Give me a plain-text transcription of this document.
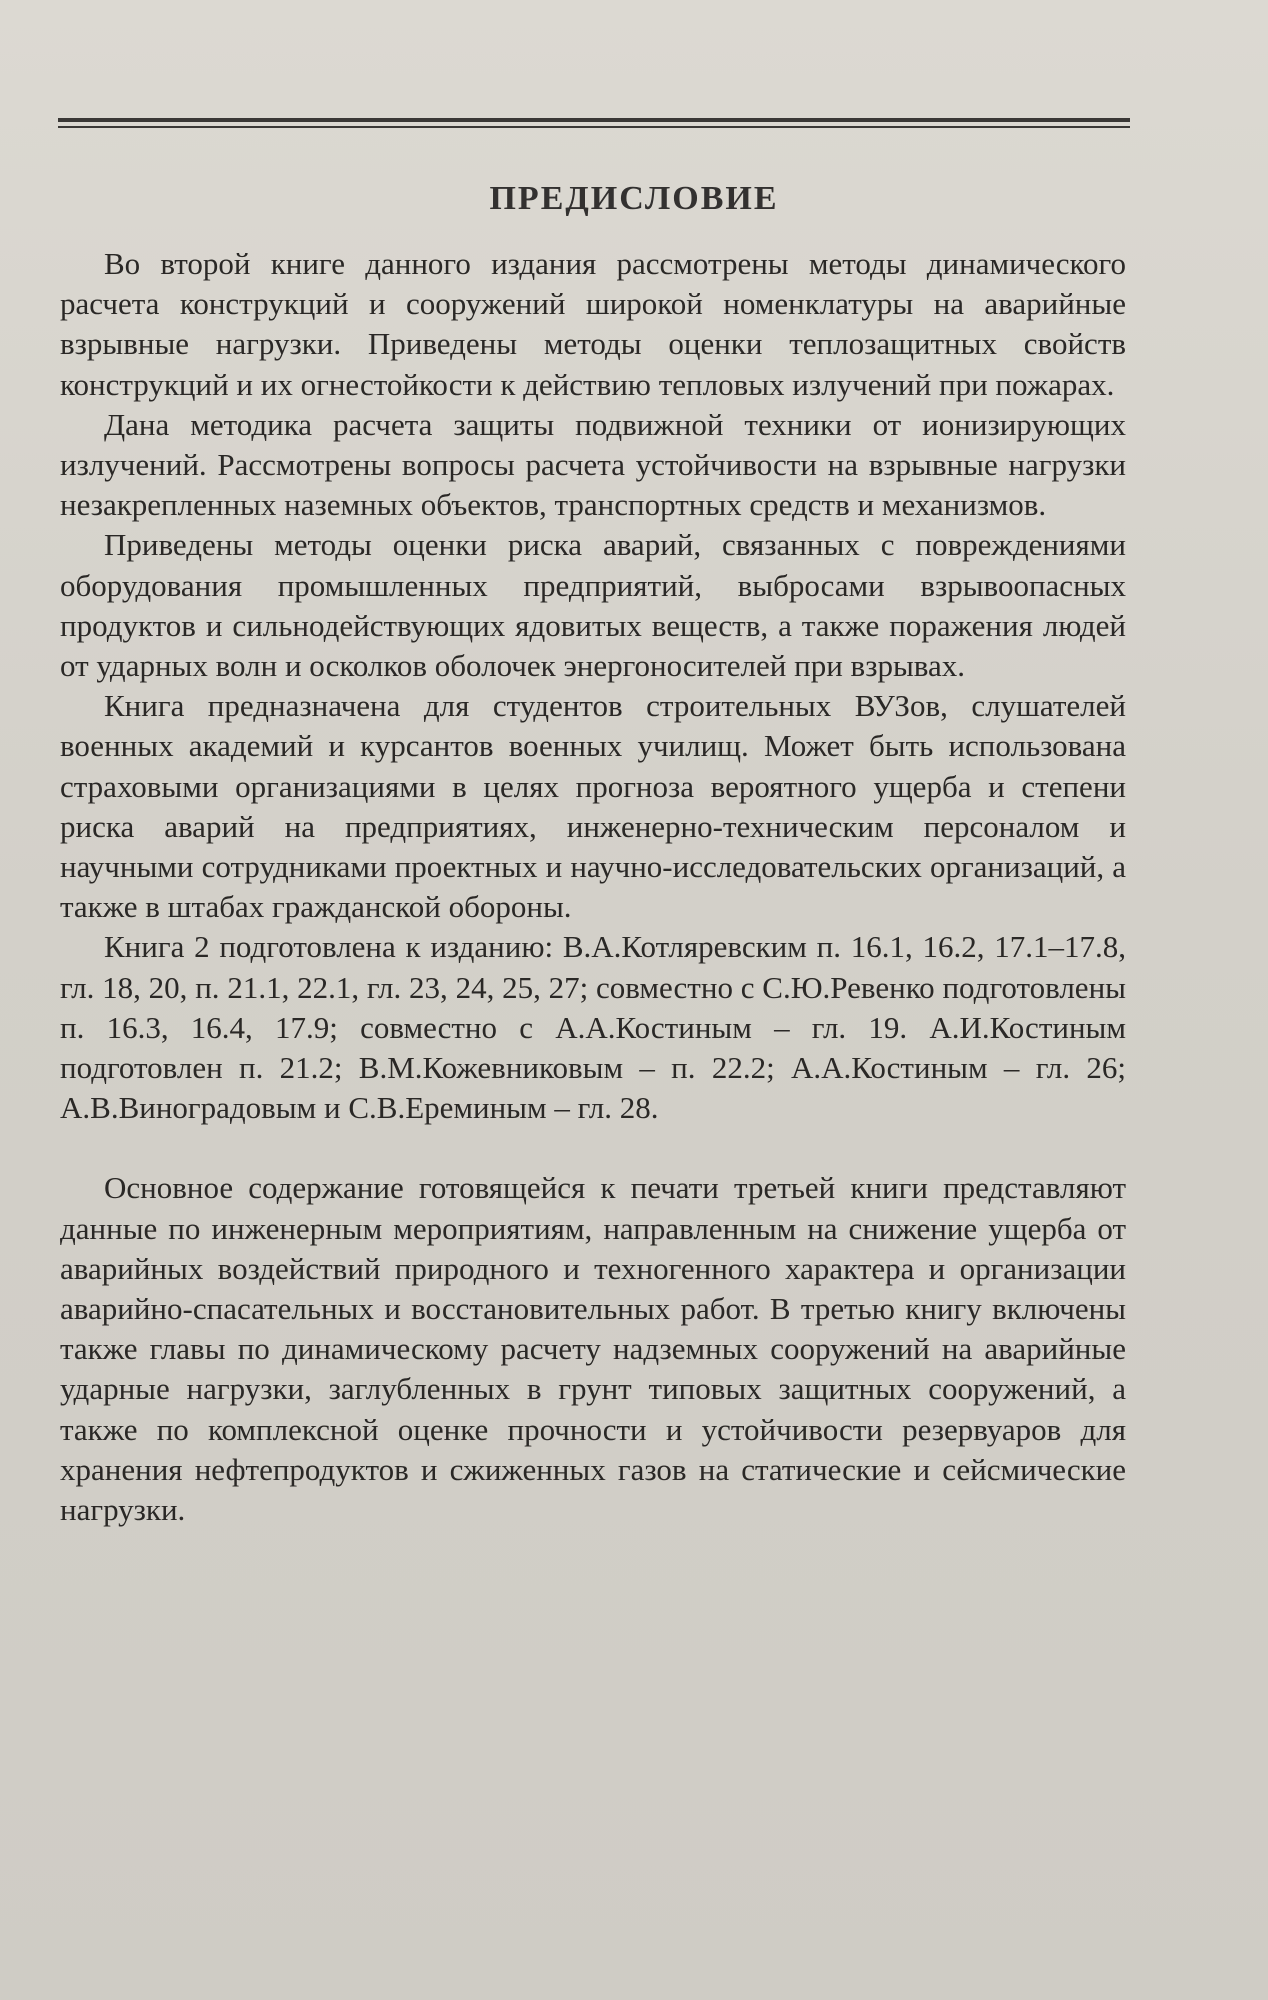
ПРЕДИСЛОВИЕ

Во второй книге данного издания рассмотрены методы динамического расчета конструкций и сооружений широкой номенклатуры на аварийные взрывные нагрузки. Приведены методы оценки теплозащитных свойств конструкций и их огнестойкости к действию тепловых излучений при пожарах.

Дана методика расчета защиты подвижной техники от ионизирующих излучений. Рассмотрены вопросы расчета устойчивости на взрывные нагрузки незакрепленных наземных объектов, транспортных средств и механизмов.

Приведены методы оценки риска аварий, связанных с повреждениями оборудования промышленных предприятий, выбросами взрывоопасных продуктов и сильнодействующих ядовитых веществ, а также поражения людей от ударных волн и осколков оболочек энергоносителей при взрывах.

Книга предназначена для студентов строительных ВУЗов, слушателей военных академий и курсантов военных училищ. Может быть использована страховыми организациями в целях прогноза вероятного ущерба и степени риска аварий на предприятиях, инженерно-техническим персоналом и научными сотрудниками проектных и научно-исследовательских организаций, а также в штабах гражданской обороны.

Книга 2 подготовлена к изданию: В.А.Котляревским п. 16.1, 16.2, 17.1–17.8, гл. 18, 20, п. 21.1, 22.1, гл. 23, 24, 25, 27; совместно с С.Ю.Ревенко подготовлены п. 16.3, 16.4, 17.9; совместно с А.А.Костиным – гл. 19. А.И.Костиным подготовлен п. 21.2; В.М.Кожевниковым – п. 22.2; А.А.Костиным – гл. 26; А.В.Виноградовым и С.В.Ереминым – гл. 28.

Основное содержание готовящейся к печати третьей книги представляют данные по инженерным мероприятиям, направленным на снижение ущерба от аварийных воздействий природного и техногенного характера и организации аварийно-спасательных и восстановительных работ. В третью книгу включены также главы по динамическому расчету надземных сооружений на аварийные ударные нагрузки, заглубленных в грунт типовых защитных сооружений, а также по комплексной оценке прочности и устойчивости резервуаров для хранения нефтепродуктов и сжиженных газов на статические и сейсмические нагрузки.
